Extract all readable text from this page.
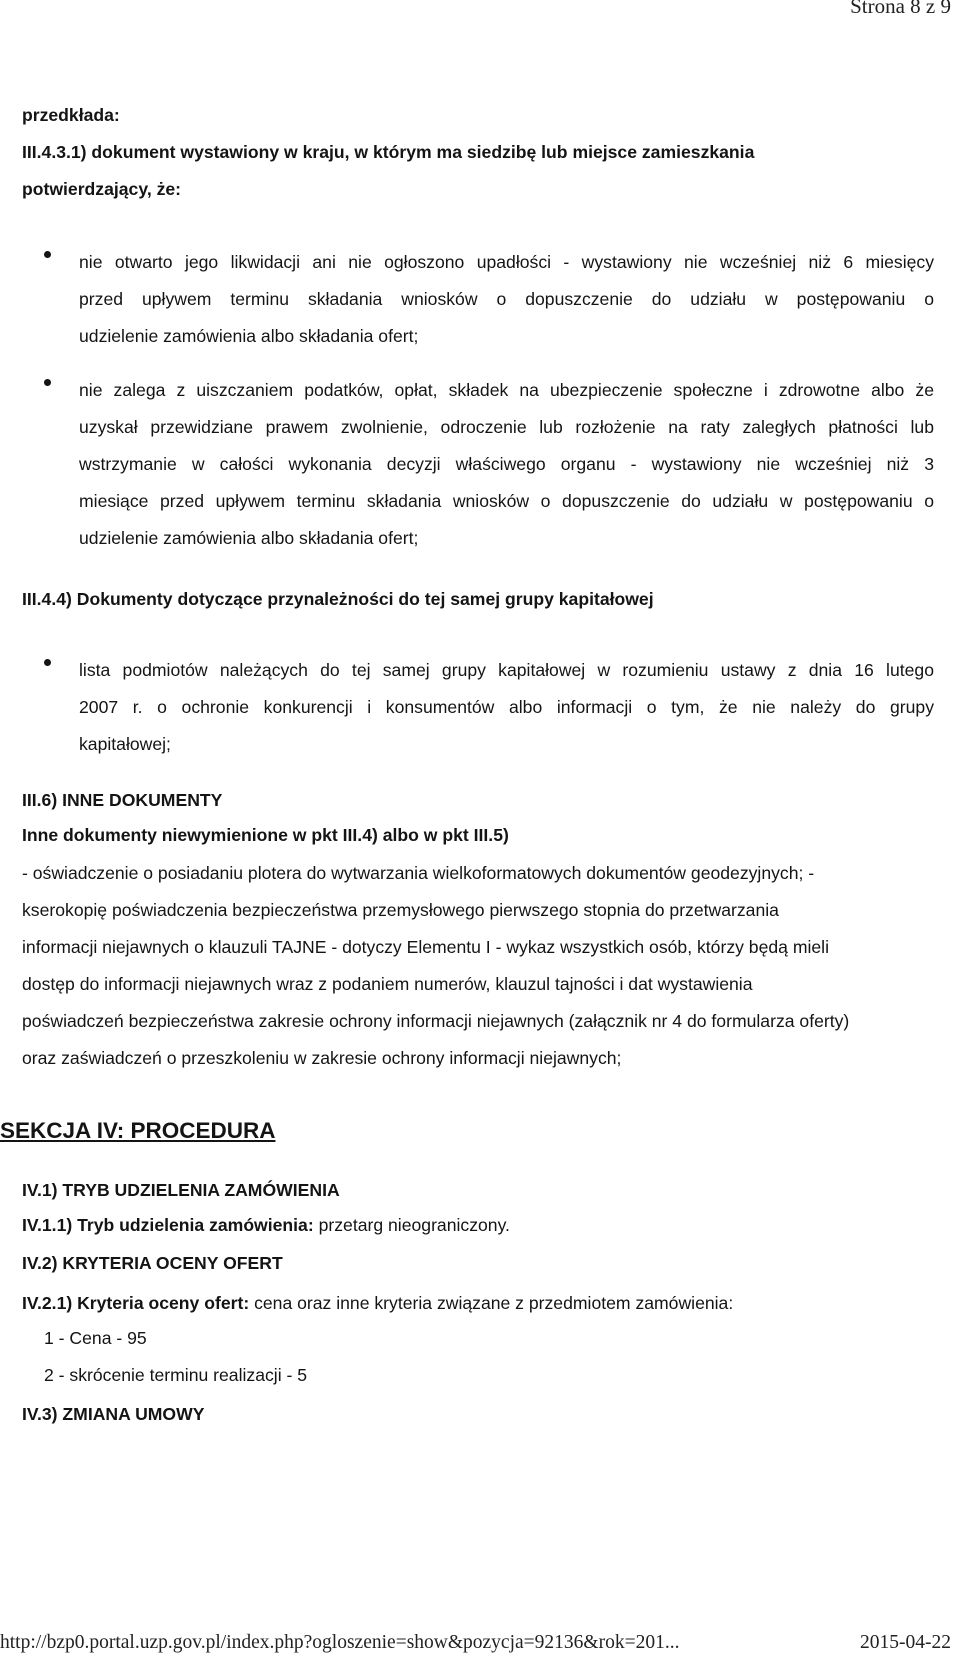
Strona 8 z 9
przedkłada:
III.4.3.1) dokument wystawiony w kraju, w którym ma siedzibę lub miejsce zamieszkania
potwierdzający, że:

nie otwarto jego likwidacji ani nie ogłoszono upadłości - wystawiony nie wcześniej niż 6 miesięcy

przed upływem terminu składania wniosków o dopuszczenie do udziału w postępowaniu o

udzielenie zamówienia albo składania ofert;

nie zalega z uiszczaniem podatków, opłat, składek na ubezpieczenie społeczne i zdrowotne albo że

uzyskał przewidziane prawem zwolnienie, odroczenie lub rozłożenie na raty zaległych płatności lub

wstrzymanie w całości wykonania decyzji właściwego organu - wystawiony nie wcześniej niż 3

miesiące przed upływem terminu składania wniosków o dopuszczenie do udziału w postępowaniu o

udzielenie zamówienia albo składania ofert;

III.4.4) Dokumenty dotyczące przynależności do tej samej grupy kapitałowej

lista podmiotów należących do tej samej grupy kapitałowej w rozumieniu ustawy z dnia 16 lutego

2007 r. o ochronie konkurencji i konsumentów albo informacji o tym, że nie należy do grupy

kapitałowej;

III.6) INNE DOKUMENTY
Inne dokumenty niewymienione w pkt III.4) albo w pkt III.5)
- oświadczenie o posiadaniu plotera do wytwarzania wielkoformatowych dokumentów geodezyjnych; -
kserokopię poświadczenia bezpieczeństwa przemysłowego pierwszego stopnia do przetwarzania
informacji niejawnych o klauzuli TAJNE - dotyczy Elementu I - wykaz wszystkich osób, którzy będą mieli
dostęp do informacji niejawnych wraz z podaniem numerów, klauzul tajności i dat wystawienia
poświadczeń bezpieczeństwa zakresie ochrony informacji niejawnych (załącznik nr 4 do formularza oferty)
oraz zaświadczeń o przeszkoleniu w zakresie ochrony informacji niejawnych;
SEKCJA IV: PROCEDURA
IV.1) TRYB UDZIELENIA ZAMÓWIENIA
IV.1.1) Tryb udzielenia zamówienia: przetarg nieograniczony.
IV.2) KRYTERIA OCENY OFERT
IV.2.1) Kryteria oceny ofert: cena oraz inne kryteria związane z przedmiotem zamówienia:
1 - Cena - 95
2 - skrócenie terminu realizacji - 5
IV.3) ZMIANA UMOWY
http://bzp0.portal.uzp.gov.pl/index.php?ogloszenie=show&pozycja=92136&rok=201...	2015-04-22
